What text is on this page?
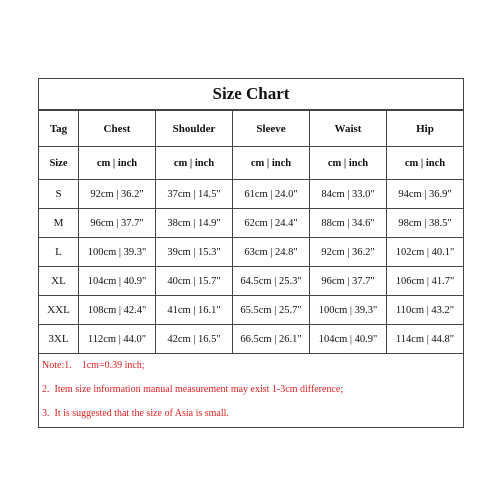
Size Chart
Tag	Chest	Shoulder	Sleeve	Waist	Hip
Size	cm | inch	cm | inch	cm | inch	cm | inch	cm | inch
S	92cm | 36.2"	37cm | 14.5"	61cm | 24.0"	84cm | 33.0"	94cm | 36.9"
M	96cm | 37.7"	38cm | 14.9"	62cm | 24.4"	88cm | 34.6"	98cm | 38.5"
L	100cm | 39.3"	39cm | 15.3"	63cm | 24.8"	92cm | 36.2"	102cm | 40.1"
XL	104cm | 40.9"	40cm | 15.7"	64.5cm | 25.3"	96cm | 37.7"	106cm | 41.7"
XXL	108cm | 42.4"	41cm | 16.1"	65.5cm | 25.7"	100cm | 39.3"	110cm | 43.2"
3XL	112cm | 44.0"	42cm | 16.5"	66.5cm | 26.1"	104cm | 40.9"	114cm | 44.8"
Note:1.    1cm=0.39 inch;
2.  Item size information manual measurement may exist 1-3cm difference;
3.  It is suggested that the size of Asia is small.
